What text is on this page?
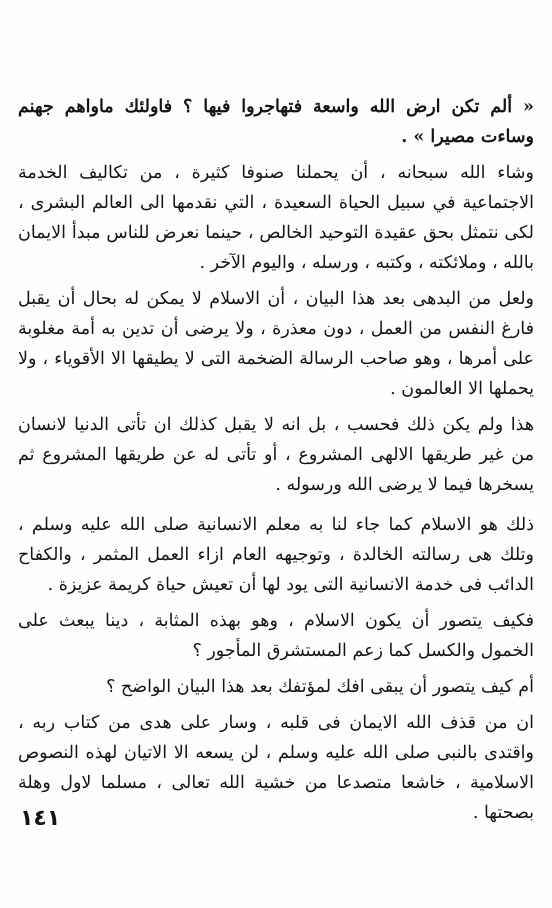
« ألم تكن ارض الله واسعة فتهاجروا فيها ؟ فاولئك ماواهم جهنم وساءت مصيرا » .

وشاء الله سبحانه ، أن يحملنا صنوفا كثيرة ، من تكاليف الخدمة الاجتماعية في سبيل الحياة السعيدة ، التي نقدمها الى العالم البشرى ، لكى نتمثل بحق عقيدة التوحيد الخالص ، حينما نعرض للناس مبدأ الايمان بالله ، وملائكته ، وكتبه ، ورسله ، واليوم الآخر .

ولعل من البدهى بعد هذا البيان ، أن الاسلام لا يمكن له بحال أن يقبل فارغ النفس من العمل ، دون معذرة ، ولا يرضى أن تدين به أمة مغلوبة على أمرها ، وهو صاحب الرسالة الضخمة التى لا يطيقها الا الأقوياء ، ولا يحملها الا العالمون .

هذا ولم يكن ذلك فحسب ، بل انه لا يقبل كذلك ان تأتى الدنيا لانسان من غير طريقها الالهى المشروع ، أو تأتى له عن طريقها المشروع ثم يسخرها فيما لا يرضى الله ورسوله .

ذلك هو الاسلام كما جاء لنا به معلم الانسانية صلى الله عليه وسلم ، وتلك هى رسالته الخالدة ، وتوجيهه العام ازاء العمل المثمر ، والكفاح الدائب فى خدمة الانسانية التى يود لها أن تعيش حياة كريمة عزيزة .

فكيف يتصور أن يكون الاسلام ، وهو بهذه المثابة ، دينا يبعث على الخمول والكسل كما زعم المستشرق المأجور ؟

أم كيف يتصور أن يبقى افك لمؤتفك بعد هذا البيان الواضح ؟

ان من قذف الله الايمان فى قلبه ، وسار على هدى من كتاب ربه ، واقتدى بالنبى صلى الله عليه وسلم ، لن يسعه الا الاتيان لهذه النصوص الاسلامية ، خاشعا متصدعا من خشية الله تعالى ، مسلما لاول وهلة بصحتها .

١٤١
